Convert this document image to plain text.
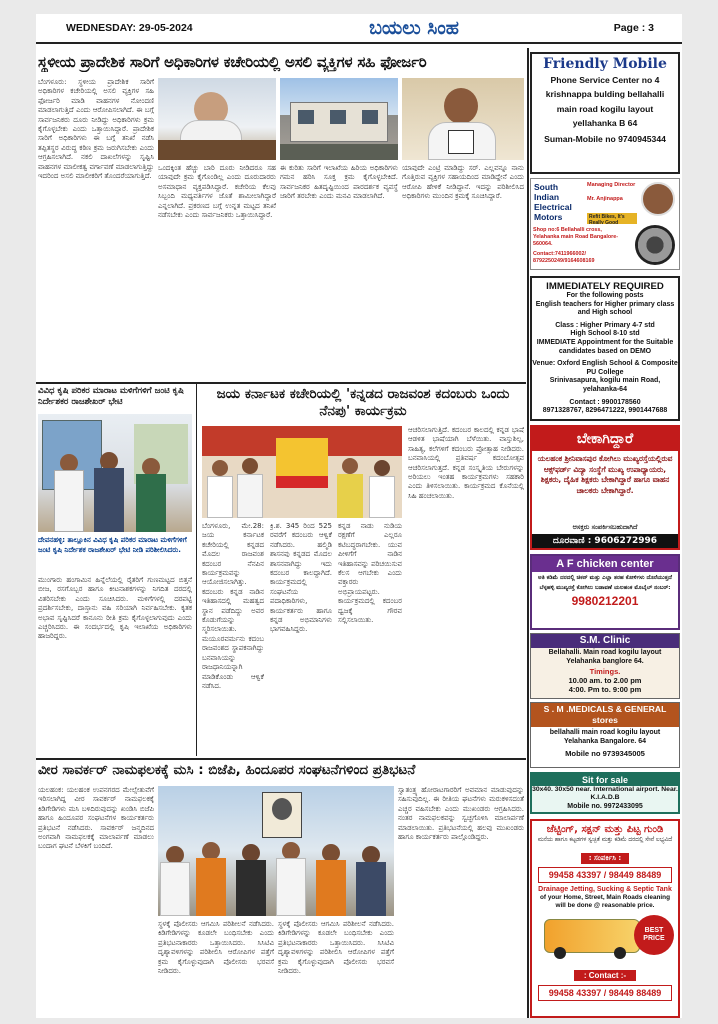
WEDNESDAY: 29-05-2024	ಬಯಲು ಸಿಂಹ	Page : 3
ಸ್ಥಳೀಯ ಪ್ರಾದೇಶಿಕ ಸಾರಿಗೆ ಅಧಿಕಾರಿಗಳ ಕಚೇರಿಯಲ್ಲಿ ಅಸಲಿ ವ್ಯಕ್ತಿಗಳ ಸಹಿ ಫೋರ್ಜರಿ
ಬೆಂಗಳೂರು: ಸ್ಥಳೀಯ ಪ್ರಾದೇಶಿಕ ಸಾರಿಗೆ ಅಧಿಕಾರಿಗಳ ಕಚೇರಿಯಲ್ಲಿ ಅಸಲಿ ವ್ಯಕ್ತಿಗಳ ಸಹಿ ಫೋರ್ಜರಿ ಮಾಡಿ ವಾಹನಗಳ ನೋಂದಣಿ ಮಾಡಲಾಗುತ್ತಿದೆ ಎಂದು ಆರೋಪಿಸಲಾಗಿದೆ. ಈ ಬಗ್ಗೆ ಸಾರ್ವಜನಿಕರು ದೂರು ನೀಡಿದ್ದು ಅಧಿಕಾರಿಗಳು ಕ್ರಮ ಕೈಗೊಳ್ಳಬೇಕು ಎಂದು ಒತ್ತಾಯಿಸಿದ್ದಾರೆ. ಪ್ರಾದೇಶಿಕ ಸಾರಿಗೆ ಅಧಿಕಾರಿಗಳು ಈ ಬಗ್ಗೆ ತನಿಖೆ ನಡೆಸಿ ತಪ್ಪಿತಸ್ಥರ ವಿರುದ್ಧ ಕಠಿಣ ಕ್ರಮ ಜರುಗಿಸಬೇಕು ಎಂದು ಆಗ್ರಹಿಸಲಾಗಿದೆ. ನಕಲಿ ದಾಖಲೆಗಳನ್ನು ಸೃಷ್ಟಿಸಿ ವಾಹನಗಳ ಮಾಲೀಕತ್ವ ವರ್ಗಾವಣೆ ಮಾಡಲಾಗುತ್ತಿದ್ದು ಇದರಿಂದ ಅಸಲಿ ಮಾಲೀಕರಿಗೆ ತೊಂದರೆಯಾಗುತ್ತಿದೆ.
ಒಂದಕ್ಕಿಂತ ಹೆಚ್ಚು ಬಾರಿ ದೂರು ನೀಡಿದರೂ ಸಹ ಯಾವುದೇ ಕ್ರಮ ಕೈಗೊಂಡಿಲ್ಲ ಎಂದು ದೂರುದಾರರು ಅಸಮಾಧಾನ ವ್ಯಕ್ತಪಡಿಸಿದ್ದಾರೆ. ಕಚೇರಿಯ ಕೆಲವು ಸಿಬ್ಬಂದಿ ಮಧ್ಯವರ್ತಿಗಳ ಜೊತೆ ಶಾಮೀಲಾಗಿದ್ದಾರೆ ಎನ್ನಲಾಗಿದೆ. ಪ್ರಕರಣದ ಬಗ್ಗೆ ಉನ್ನತ ಮಟ್ಟದ ತನಿಖೆ ನಡೆಸಬೇಕು ಎಂದು ಸಾರ್ವಜನಿಕರು ಒತ್ತಾಯಿಸಿದ್ದಾರೆ.
ಈ ಕುರಿತು ಸಾರಿಗೆ ಇಲಾಖೆಯ ಹಿರಿಯ ಅಧಿಕಾರಿಗಳು ಗಮನ ಹರಿಸಿ ಸೂಕ್ತ ಕ್ರಮ ಕೈಗೊಳ್ಳಬೇಕಿದೆ. ಸಾರ್ವಜನಿಕರ ಹಿತದೃಷ್ಟಿಯಿಂದ ಪಾರದರ್ಶಕ ವ್ಯವಸ್ಥೆ ಜಾರಿಗೆ ತರಬೇಕು ಎಂದು ಮನವಿ ಮಾಡಲಾಗಿದೆ.
ಯಾವುದೇ ಎಂಟ್ರಿ ಮಾಡಿದ್ದು ಸರ್. ಎಲ್ಲವನ್ನೂ ನಾನು ಗೊತ್ತಿರುವ ವ್ಯಕ್ತಿಗಳ ಸಹಾಯದಿಂದ ಮಾಡಿದ್ದೇನೆ ಎಂದು ಆರೋಪಿ ಹೇಳಿಕೆ ನೀಡಿದ್ದಾನೆ. ಇದನ್ನು ಪರಿಶೀಲಿಸಿದ ಅಧಿಕಾರಿಗಳು ಮುಂದಿನ ಕ್ರಮಕ್ಕೆ ಸೂಚಿಸಿದ್ದಾರೆ.
ವಿವಿಧ ಕೃಷಿ ಪರಿಕರ ಮಾರಾಟ ಮಳಿಗೆಗಳಿಗೆ ಜಂಟಿ ಕೃಷಿ ನಿರ್ದೇಶಕರ ರಾಜಶೇಖರ್ ಭೇಟಿ
ದೇವನಹಳ್ಳಿ: ತಾಲ್ಲೂಕಿನ ವಿವಿಧ ಕೃಷಿ ಪರಿಕರ ಮಾರಾಟ ಮಳಿಗೆಗಳಿಗೆ ಜಂಟಿ ಕೃಷಿ ನಿರ್ದೇಶಕ ರಾಜಶೇಖರ್ ಭೇಟಿ ನೀಡಿ ಪರಿಶೀಲಿಸಿದರು.
ಮುಂಗಾರು ಹಂಗಾಮಿನ ಹಿನ್ನೆಲೆಯಲ್ಲಿ ರೈತರಿಗೆ ಗುಣಮಟ್ಟದ ಬಿತ್ತನೆ ಬೀಜ, ರಸಗೊಬ್ಬರ ಹಾಗೂ ಕೀಟನಾಶಕಗಳನ್ನು ನಿಗದಿತ ದರದಲ್ಲಿ ವಿತರಿಸಬೇಕು ಎಂದು ಸೂಚಿಸಿದರು. ಮಳಿಗೆಗಳಲ್ಲಿ ದರಪಟ್ಟಿ ಪ್ರದರ್ಶಿಸಬೇಕು, ದಾಸ್ತಾನು ವಹಿ ಸರಿಯಾಗಿ ನಿರ್ವಹಿಸಬೇಕು. ಕೃತಕ ಅಭಾವ ಸೃಷ್ಟಿಸಿದರೆ ಕಾನೂನು ರೀತಿ ಕ್ರಮ ಕೈಗೊಳ್ಳಲಾಗುವುದು ಎಂದು ಎಚ್ಚರಿಸಿದರು. ಈ ಸಂದರ್ಭದಲ್ಲಿ ಕೃಷಿ ಇಲಾಖೆಯ ಅಧಿಕಾರಿಗಳು ಹಾಜರಿದ್ದರು.
ಜಯ ಕರ್ನಾಟಕ ಕಚೇರಿಯಲ್ಲಿ 'ಕನ್ನಡದ ರಾಜವಂಶ ಕದಂಬರು ಒಂದು ನೆನಪು' ಕಾರ್ಯಕ್ರಮ
ಬೆಂಗಳೂರು, ಮೇ.28: ಜಯ ಕರ್ನಾಟಕ ಕಚೇರಿಯಲ್ಲಿ ಕನ್ನಡದ ಮೊದಲ ರಾಜವಂಶ ಕದಂಬರ ನೆನಪಿನ ಕಾರ್ಯಕ್ರಮವನ್ನು ಆಯೋಜಿಸಲಾಗಿತ್ತು. ಕದಂಬರು ಕನ್ನಡ ನಾಡಿನ ಇತಿಹಾಸದಲ್ಲಿ ಮಹತ್ವದ ಸ್ಥಾನ ಪಡೆದಿದ್ದು ಅವರ ಕೊಡುಗೆಯನ್ನು ಸ್ಮರಿಸಲಾಯಿತು. ಮಯೂರವರ್ಮನು ಕದಂಬ ರಾಜವಂಶದ ಸ್ಥಾಪಕನಾಗಿದ್ದು ಬನವಾಸಿಯನ್ನು ರಾಜಧಾನಿಯನ್ನಾಗಿ ಮಾಡಿಕೊಂಡು ಆಳ್ವಿಕೆ ನಡೆಸಿದ.
ಕ್ರಿ.ಶ. 345 ರಿಂದ 525 ರವರೆಗೆ ಕದಂಬರು ಆಳ್ವಿಕೆ ನಡೆಸಿದರು. ಹಲ್ಮಿಡಿ ಶಾಸನವು ಕನ್ನಡದ ಮೊದಲ ಶಾಸನವಾಗಿದ್ದು ಇದು ಕದಂಬರ ಕಾಲದ್ದಾಗಿದೆ. ಕಾರ್ಯಕ್ರಮದಲ್ಲಿ ಸಂಘಟನೆಯ ಪದಾಧಿಕಾರಿಗಳು, ಕಾರ್ಯಕರ್ತರು ಹಾಗೂ ಕನ್ನಡ ಅಭಿಮಾನಿಗಳು ಭಾಗವಹಿಸಿದ್ದರು.
ಕನ್ನಡ ನಾಡು ನುಡಿಯ ರಕ್ಷಣೆಗೆ ಎಲ್ಲರೂ ಕಟಿಬದ್ಧರಾಗಬೇಕು. ಯುವ ಪೀಳಿಗೆಗೆ ನಾಡಿನ ಇತಿಹಾಸವನ್ನು ಪರಿಚಯಿಸುವ ಕೆಲಸ ಆಗಬೇಕು ಎಂದು ವಕ್ತಾರರು ಅಭಿಪ್ರಾಯಪಟ್ಟರು. ಕಾರ್ಯಕ್ರಮದಲ್ಲಿ ಕದಂಬರ ಧ್ವಜಕ್ಕೆ ಗೌರವ ಸಲ್ಲಿಸಲಾಯಿತು.
ಆಚರಿಸಲಾಗುತ್ತಿದೆ. ಕದಂಬರ ಕಾಲದಲ್ಲಿ ಕನ್ನಡ ಭಾಷೆ ಆಡಳಿತ ಭಾಷೆಯಾಗಿ ಬೆಳೆಯಿತು. ವಾಸ್ತುಶಿಲ್ಪ, ಸಾಹಿತ್ಯ, ಕಲೆಗಳಿಗೆ ಕದಂಬರು ಪ್ರೋತ್ಸಾಹ ನೀಡಿದರು. ಬನವಾಸಿಯಲ್ಲಿ ಪ್ರತಿವರ್ಷ ಕದಂಬೋತ್ಸವ ಆಚರಿಸಲಾಗುತ್ತದೆ. ಕನ್ನಡ ಸಂಸ್ಕೃತಿಯ ಬೇರುಗಳನ್ನು ಅರಿಯಲು ಇಂತಹ ಕಾರ್ಯಕ್ರಮಗಳು ಸಹಕಾರಿ ಎಂದು ತಿಳಿಸಲಾಯಿತು. ಕಾರ್ಯಕ್ರಮದ ಕೊನೆಯಲ್ಲಿ ಸಿಹಿ ಹಂಚಲಾಯಿತು.
ವೀರ ಸಾವರ್ಕರ್ ನಾಮಫಲಕಕ್ಕೆ ಮಸಿ : ಬಿಜೆಪಿ, ಹಿಂದೂಪರ ಸಂಘಟನೆಗಳಿಂದ ಪ್ರತಿಭಟನೆ
ಯಲಹಂಕ: ಯಲಹಂಕ ಉಪನಗರದ ಮೇಲ್ಸೇತುವೆಗೆ ಇರಿಸಲಾಗಿದ್ದ ವೀರ ಸಾವರ್ಕರ್ ನಾಮಫಲಕಕ್ಕೆ ಕಿಡಿಗೇಡಿಗಳು ಮಸಿ ಬಳಿದಿರುವುದನ್ನು ಖಂಡಿಸಿ ಬಿಜೆಪಿ ಹಾಗೂ ಹಿಂದೂಪರ ಸಂಘಟನೆಗಳ ಕಾರ್ಯಕರ್ತರು ಪ್ರತಿಭಟನೆ ನಡೆಸಿದರು. ಸಾವರ್ಕರ್ ಜನ್ಮದಿನದ ಅಂಗವಾಗಿ ನಾಮಫಲಕಕ್ಕೆ ಮಾಲಾರ್ಪಣೆ ಮಾಡಲು ಬಂದಾಗ ಘಟನೆ ಬೆಳಕಿಗೆ ಬಂದಿದೆ.
ಸ್ಥಳಕ್ಕೆ ಪೊಲೀಸರು ಆಗಮಿಸಿ ಪರಿಶೀಲನೆ ನಡೆಸಿದರು. ಕಿಡಿಗೇಡಿಗಳನ್ನು ಕೂಡಲೇ ಬಂಧಿಸಬೇಕು ಎಂದು ಪ್ರತಿಭಟನಾಕಾರರು ಒತ್ತಾಯಿಸಿದರು. ಸಿಸಿಟಿವಿ ದೃಶ್ಯಾವಳಿಗಳನ್ನು ಪರಿಶೀಲಿಸಿ ಆರೋಪಿಗಳ ಪತ್ತೆಗೆ ಕ್ರಮ ಕೈಗೊಳ್ಳುವುದಾಗಿ ಪೊಲೀಸರು ಭರವಸೆ ನೀಡಿದರು.
ಸ್ಥಳಕ್ಕೆ ಪೊಲೀಸರು ಆಗಮಿಸಿ ಪರಿಶೀಲನೆ ನಡೆಸಿದರು. ಕಿಡಿಗೇಡಿಗಳನ್ನು ಕೂಡಲೇ ಬಂಧಿಸಬೇಕು ಎಂದು ಪ್ರತಿಭಟನಾಕಾರರು ಒತ್ತಾಯಿಸಿದರು. ಸಿಸಿಟಿವಿ ದೃಶ್ಯಾವಳಿಗಳನ್ನು ಪರಿಶೀಲಿಸಿ ಆರೋಪಿಗಳ ಪತ್ತೆಗೆ ಕ್ರಮ ಕೈಗೊಳ್ಳುವುದಾಗಿ ಪೊಲೀಸರು ಭರವಸೆ ನೀಡಿದರು.
ಸ್ವಾತಂತ್ರ್ಯ ಹೋರಾಟಗಾರರಿಗೆ ಅವಮಾನ ಮಾಡುವುದನ್ನು ಸಹಿಸುವುದಿಲ್ಲ. ಈ ರೀತಿಯ ಘಟನೆಗಳು ಮರುಕಳಿಸದಂತೆ ಎಚ್ಚರ ವಹಿಸಬೇಕು ಎಂದು ಮುಖಂಡರು ಆಗ್ರಹಿಸಿದರು. ನಂತರ ನಾಮಫಲಕವನ್ನು ಸ್ವಚ್ಛಗೊಳಿಸಿ ಮಾಲಾರ್ಪಣೆ ಮಾಡಲಾಯಿತು. ಪ್ರತಿಭಟನೆಯಲ್ಲಿ ಹಲವು ಮುಖಂಡರು ಹಾಗೂ ಕಾರ್ಯಕರ್ತರು ಪಾಲ್ಗೊಂಡಿದ್ದರು.
Friendly Mobile
Phone Service Center no 4
krishnappa bulding bellahalli
main road kogilu layout
yellahanka B 64
Suman-Mobile no 9740945344
South Indian Electrical Motors
Managing Director
Mr. Anjinappa
Refit Bikes, It's Really Good
Shop no:6 Bellahalli cross, Yelahanka main Road Bangalore-560064.
Contact:7411966002/ 8792250249/9164608169
IMMEDIATELY REQUIRED
For the following posts
English teachers for Higher primary class and High school
Class : Higher Primary 4-7 std
High School 8-10 std
IMMEDIATE Appointment for the Suitable candidates based on DEMO
Venue: Oxford English School & Composite PU College
Srinivasapura, kogilu main Road, yelahanka-64
Contact : 9900178560
8971328767, 8296471222, 9901447688
ಬೇಕಾಗಿದ್ದಾರೆ
ಯಲಹಂಕ ಶ್ರೀನಿವಾಸಪುರ ಕೋಗಿಲು ಮುಖ್ಯರಸ್ತೆಯಲ್ಲಿರುವ ಆಕ್ಸ್‌ಫರ್ಡ್ ವಿದ್ಯಾ ಸಂಸ್ಥೆಗೆ ಮುಖ್ಯ ಉಪಾಧ್ಯಾಯರು, ಶಿಕ್ಷಕರು, ದೈಹಿಕ ಶಿಕ್ಷಕರು ಬೇಕಾಗಿದ್ದಾರೆ ಹಾಗೂ ವಾಹನ ಚಾಲಕರು ಬೇಕಾಗಿದ್ದಾರೆ.
ಆಸಕ್ತರು ಸಂಪರ್ಕಿಸಬಹುದಾಗಿದೆ
ದೂರವಾಣಿ : 9606272996
A F chicken center
ಅತಿ ಕಡಿಮೆ ದರದಲ್ಲಿ ಚಿಕನ್ ಮತ್ತು ಎಲ್ಲಾ ತರಹ ಕೋಳಿಗಳು ದೊರೆಯುತ್ತದೆ
ಬೆಳ್ಳಹಳ್ಳಿ ಮುಖ್ಯರಸ್ತೆ ಕೋಗಿಲು ಬಡಾವಣೆ ಯಲಹಂಕ ಮೊಬೈಲ್ ನಂಬರ್:
9980212201
S.M. Clinic
Bellahalli. Main road kogilu layout Yelahanka banglore 64.
Timings.
10.00 am. to 2.00 pm
4:00. Pm to. 9:00 pm
S . M .MEDICALS & GENERAL stores
bellahalli main road kogilu layout Yelahanka Bangalore. 64
Mobile no 9739345005
Sit for sale
30x40. 30x50 near. International airport. Near. K.I.A.D.B
Mobile no. 9972433095
ಜೆಟ್ಟಿಂಗ್, ಸಕ್ಷನ್ ಮತ್ತು ಪಿಟ್ಟ ಗುಂಡಿ
ಮನೆಯ ಹಾಗೂ ಕಟ್ಟಡಗಳ ಸ್ವಚ್ಛತೆ ಮತ್ತು ಕಡಿಮೆ ದರದಲ್ಲಿ ಸೇವೆ ಲಭ್ಯವಿದೆ
: ಸಂಪರ್ಕಿಸಿ :
99458 43397 / 98449 88489
Drainage Jetting, Sucking & Septic Tank
of your Home, Street, Main Roads cleaning will be done @ reasonable price.
BEST PRICE
: Contact :-
99458 43397 / 98449 88489
